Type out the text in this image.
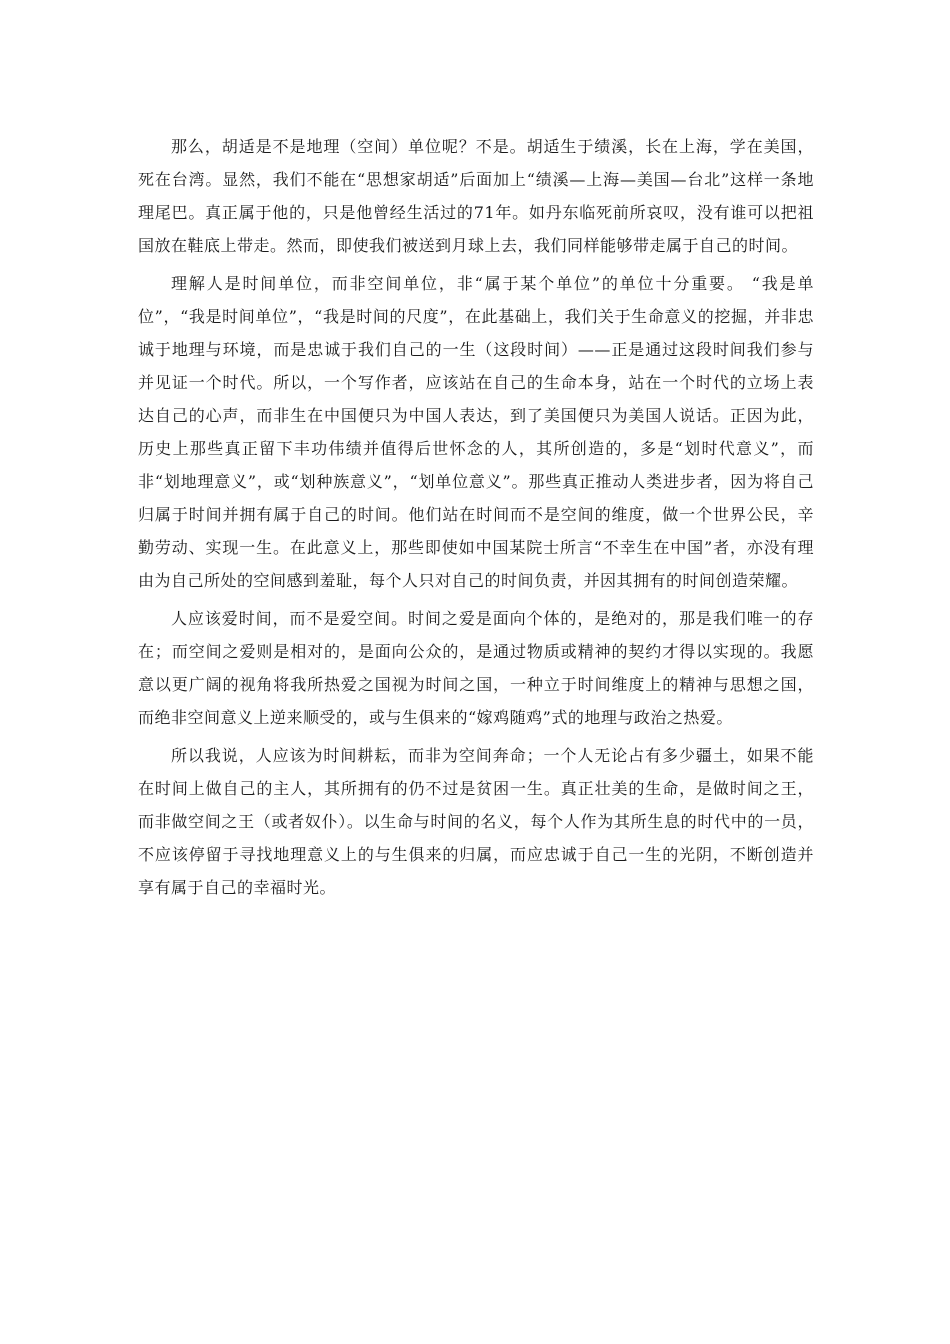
那么，胡适是不是地理（空间）单位呢？不是。胡适生于绩溪，长在上海，学在美国，死在台湾。显然，我们不能在“思想家胡适”后面加上“绩溪—上海—美国—台北”这样一条地理尾巴。真正属于他的，只是他曾经生活过的71年。如丹东临死前所哀叹，没有谁可以把祖国放在鞋底上带走。然而，即使我们被送到月球上去，我们同样能够带走属于自己的时间。

理解人是时间单位，而非空间单位，非“属于某个单位”的单位十分重要。 “我是单位”，“我是时间单位”，“我是时间的尺度”，在此基础上，我们关于生命意义的挖掘，并非忠诚于地理与环境，而是忠诚于我们自己的一生（这段时间）——正是通过这段时间我们参与并见证一个时代。所以，一个写作者，应该站在自己的生命本身，站在一个时代的立场上表达自己的心声，而非生在中国便只为中国人表达，到了美国便只为美国人说话。正因为此，历史上那些真正留下丰功伟绩并值得后世怀念的人，其所创造的，多是“划时代意义”，而非“划地理意义”，或“划种族意义”，“划单位意义”。那些真正推动人类进步者，因为将自己归属于时间并拥有属于自己的时间。他们站在时间而不是空间的维度，做一个世界公民，辛勤劳动、实现一生。在此意义上，那些即使如中国某院士所言“不幸生在中国”者，亦没有理由为自己所处的空间感到羞耻，每个人只对自己的时间负责，并因其拥有的时间创造荣耀。

人应该爱时间，而不是爱空间。时间之爱是面向个体的，是绝对的，那是我们唯一的存在；而空间之爱则是相对的，是面向公众的，是通过物质或精神的契约才得以实现的。我愿意以更广阔的视角将我所热爱之国视为时间之国，一种立于时间维度上的精神与思想之国，而绝非空间意义上逆来顺受的，或与生俱来的“嫁鸡随鸡”式的地理与政治之热爱。

所以我说，人应该为时间耕耘，而非为空间奔命；一个人无论占有多少疆土，如果不能在时间上做自己的主人，其所拥有的仍不过是贫困一生。真正壮美的生命，是做时间之王，而非做空间之王（或者奴仆）。以生命与时间的名义，每个人作为其所生息的时代中的一员，不应该停留于寻找地理意义上的与生俱来的归属，而应忠诚于自己一生的光阴，不断创造并享有属于自己的幸福时光。
